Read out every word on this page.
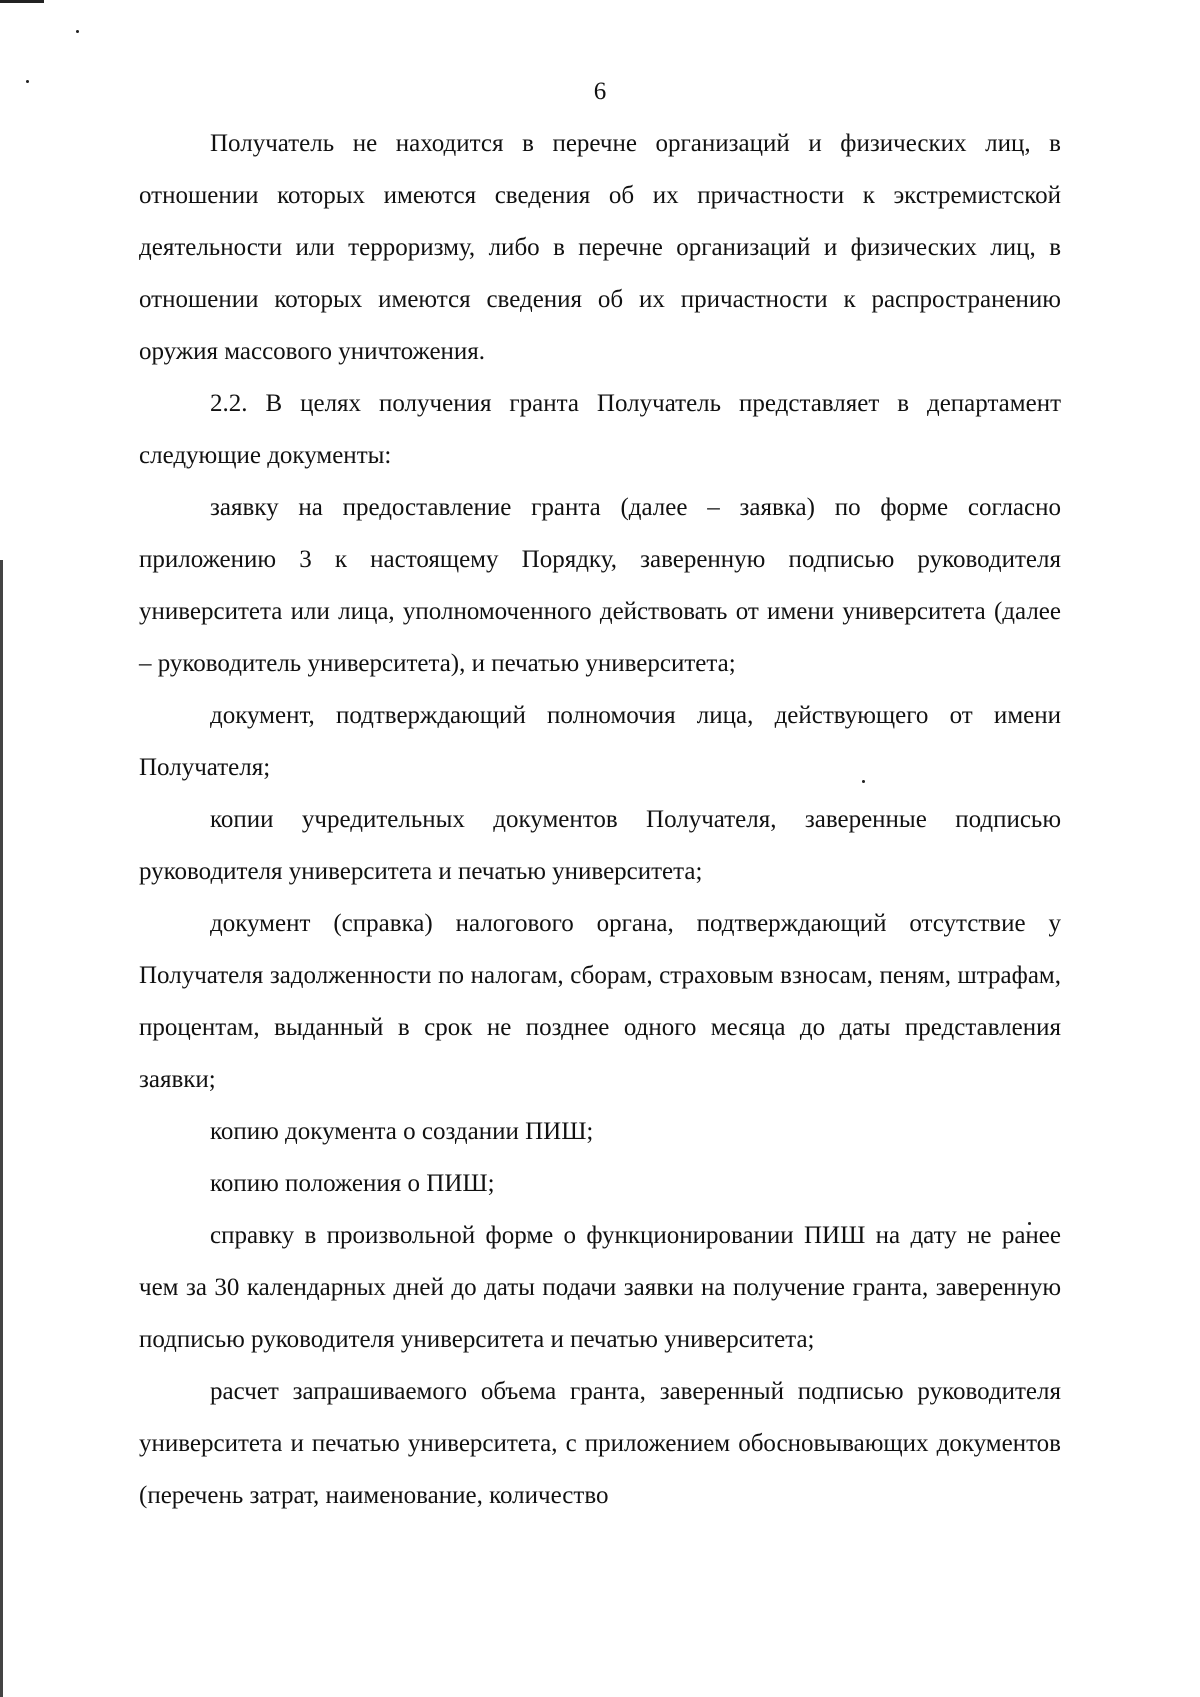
6

Получатель не находится в перечне организаций и физических лиц, в отношении которых имеются сведения об их причастности к экстремистской деятельности или терроризму, либо в перечне организаций и физических лиц, в отношении которых имеются сведения об их причастности к распространению оружия массового уничтожения.

2.2. В целях получения гранта Получатель представляет в департамент следующие документы:

заявку на предоставление гранта (далее – заявка) по форме согласно приложению 3 к настоящему Порядку, заверенную подписью руководителя университета или лица, уполномоченного действовать от имени университета (далее – руководитель университета), и печатью университета;

документ, подтверждающий полномочия лица, действующего от имени Получателя;

копии учредительных документов Получателя, заверенные подписью руководителя университета и печатью университета;

документ (справка) налогового органа, подтверждающий отсутствие у Получателя задолженности по налогам, сборам, страховым взносам, пеням, штрафам, процентам, выданный в срок не позднее одного месяца до даты представления заявки;

копию документа о создании ПИШ;

копию положения о ПИШ;

справку в произвольной форме о функционировании ПИШ на дату не ранее чем за 30 календарных дней до даты подачи заявки на получение гранта, заверенную подписью руководителя университета и печатью университета;

расчет запрашиваемого объема гранта, заверенный подписью руководителя университета и печатью университета, с приложением обосновывающих документов (перечень затрат, наименование, количество
